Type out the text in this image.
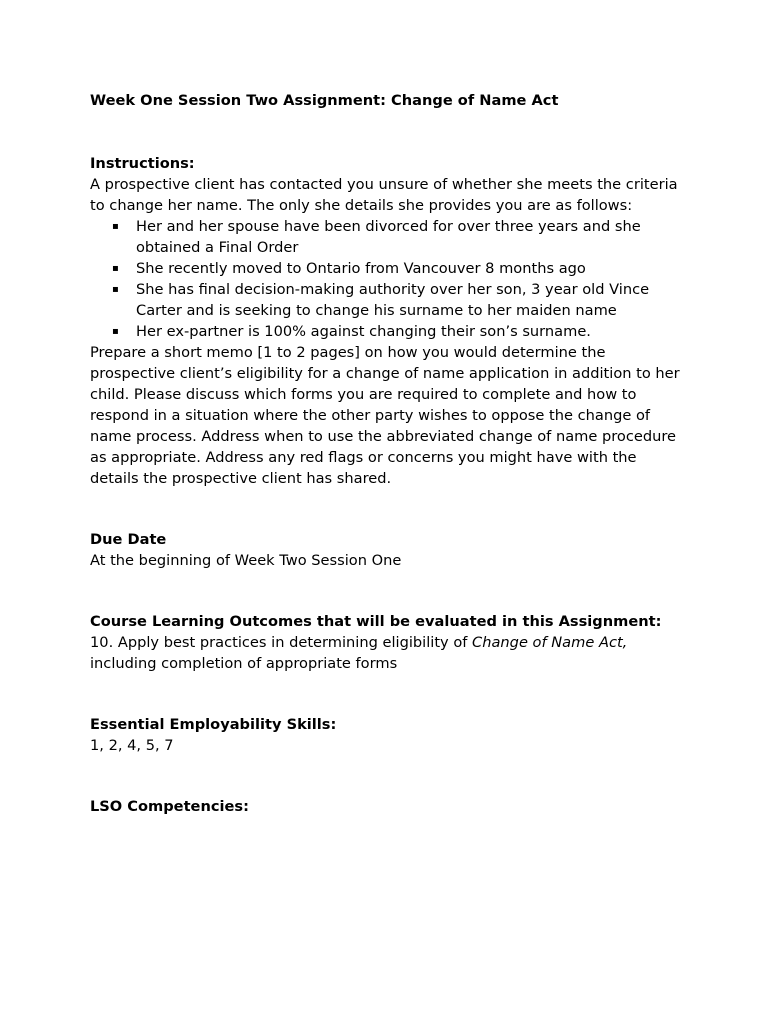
Week One Session Two Assignment: Change of Name Act

Instructions:

A prospective client has contacted you unsure of whether she meets the criteria to change her name. The only she details she provides you are as follows:

▪ Her and her spouse have been divorced for over three years and she obtained a Final Order
▪ She recently moved to Ontario from Vancouver 8 months ago
▪ She has final decision-making authority over her son, 3 year old Vince Carter and is seeking to change his surname to her maiden name
▪ Her ex-partner is 100% against changing their son’s surname.

Prepare a short memo [1 to 2 pages] on how you would determine the prospective client’s eligibility for a change of name application in addition to her child. Please discuss which forms you are required to complete and how to respond in a situation where the other party wishes to oppose the change of name process. Address when to use the abbreviated change of name procedure as appropriate. Address any red flags or concerns you might have with the details the prospective client has shared.

Due Date

At the beginning of Week Two Session One

Course Learning Outcomes that will be evaluated in this Assignment:

10. Apply best practices in determining eligibility of Change of Name Act, including completion of appropriate forms

Essential Employability Skills:

1, 2, 4, 5, 7

LSO Competencies:
